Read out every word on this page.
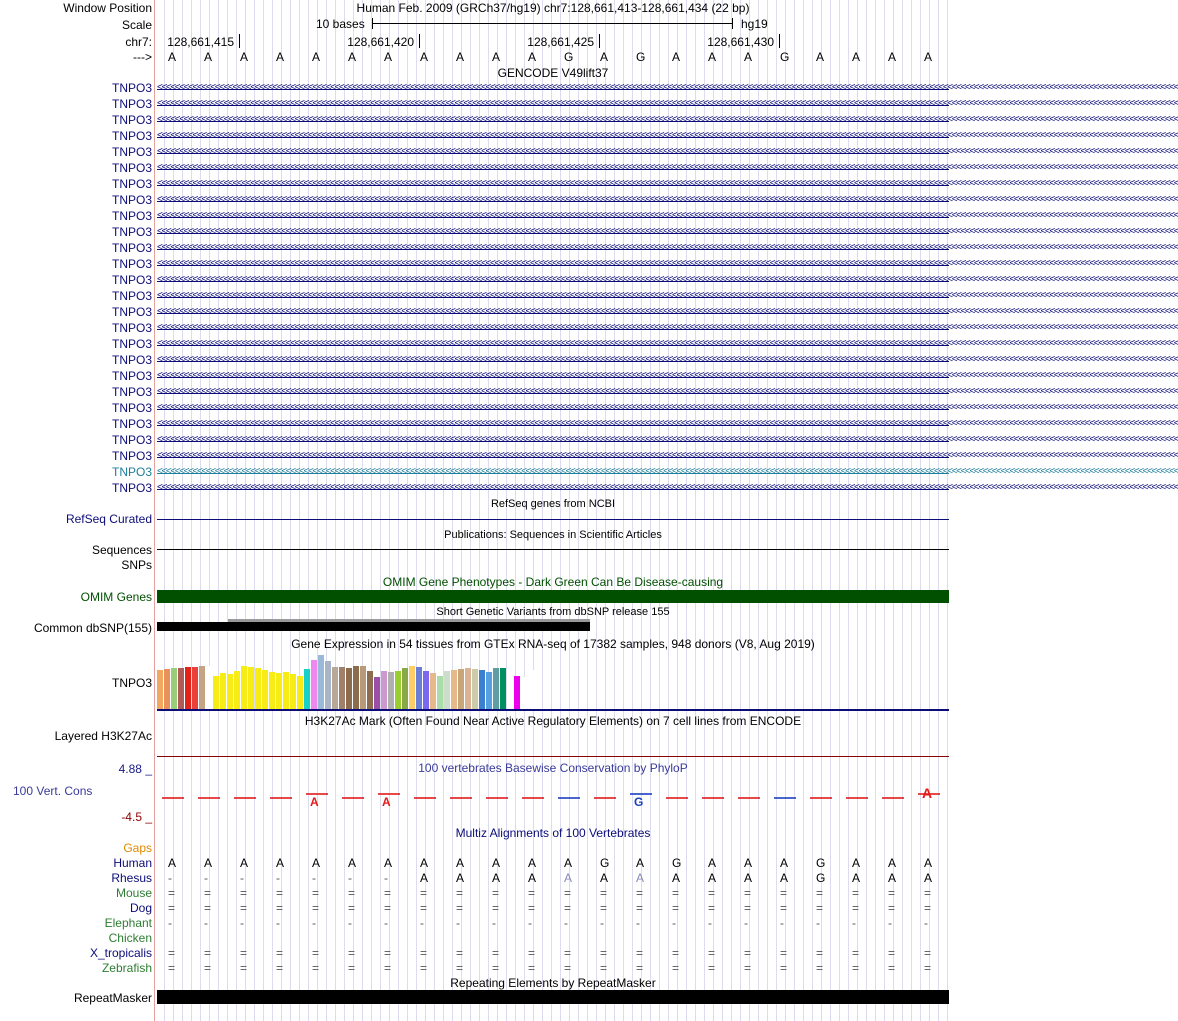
Window Position
Scale
chr7:
--->
Human Feb. 2009 (GRCh37/hg19) chr7:128,661,413-128,661,434 (22 bp)
10 bases	hg19
128,661,415	128,661,420	128,661,425	128,661,430
A A A A A A A A A A A G A G A A A G A A A A
GENCODE V49lift37
TNPO3 <<<<<<<<<<<<<<<<<<<<<<<<<<<<<<<<<<<<<<<<<<<<<<<<<<<<<<<<<<<<<<<<<<<<<<<<<<<<<<<<<<<<<<<<<<<<<<<<<<<<<<<<<<<<<<<<<<<<<<<<<<<<<<<<<<<<<<<<<<<<<<<<<<<<<<<<<<<<<<<<<<<<<<<<<<<<<<<<<<<<<<<<<<<<<<<<<<<<<<<<<<<<<<<<<<<<<<<<<<<<<<<<<<<<<<
TNPO3 <<<<<<<<<<<<<<<<<<<<<<<<<<<<<<<<<<<<<<<<<<<<<<<<<<<<<<<<<<<<<<<<<<<<<<<<<<<<<<<<<<<<<<<<<<<<<<<<<<<<<<<<<<<<<<<<<<<<<<<<<<<<<<<<<<<<<<<<<<<<<<<<<<<<<<<<<<<<<<<<<<<<<<<<<<<<<<<<<<<<<<<<<<<<<<<<<<<<<<<<<<<<<<<<<<<<<<<<<<<<<<<<<<<<<<
TNPO3 <<<<<<<<<<<<<<<<<<<<<<<<<<<<<<<<<<<<<<<<<<<<<<<<<<<<<<<<<<<<<<<<<<<<<<<<<<<<<<<<<<<<<<<<<<<<<<<<<<<<<<<<<<<<<<<<<<<<<<<<<<<<<<<<<<<<<<<<<<<<<<<<<<<<<<<<<<<<<<<<<<<<<<<<<<<<<<<<<<<<<<<<<<<<<<<<<<<<<<<<<<<<<<<<<<<<<<<<<<<<<<<<<<<<<<
TNPO3 <<<<<<<<<<<<<<<<<<<<<<<<<<<<<<<<<<<<<<<<<<<<<<<<<<<<<<<<<<<<<<<<<<<<<<<<<<<<<<<<<<<<<<<<<<<<<<<<<<<<<<<<<<<<<<<<<<<<<<<<<<<<<<<<<<<<<<<<<<<<<<<<<<<<<<<<<<<<<<<<<<<<<<<<<<<<<<<<<<<<<<<<<<<<<<<<<<<<<<<<<<<<<<<<<<<<<<<<<<<<<<<<<<<<<<
TNPO3 <<<<<<<<<<<<<<<<<<<<<<<<<<<<<<<<<<<<<<<<<<<<<<<<<<<<<<<<<<<<<<<<<<<<<<<<<<<<<<<<<<<<<<<<<<<<<<<<<<<<<<<<<<<<<<<<<<<<<<<<<<<<<<<<<<<<<<<<<<<<<<<<<<<<<<<<<<<<<<<<<<<<<<<<<<<<<<<<<<<<<<<<<<<<<<<<<<<<<<<<<<<<<<<<<<<<<<<<<<<<<<<<<<<<<<
TNPO3 <<<<<<<<<<<<<<<<<<<<<<<<<<<<<<<<<<<<<<<<<<<<<<<<<<<<<<<<<<<<<<<<<<<<<<<<<<<<<<<<<<<<<<<<<<<<<<<<<<<<<<<<<<<<<<<<<<<<<<<<<<<<<<<<<<<<<<<<<<<<<<<<<<<<<<<<<<<<<<<<<<<<<<<<<<<<<<<<<<<<<<<<<<<<<<<<<<<<<<<<<<<<<<<<<<<<<<<<<<<<<<<<<<<<<<
TNPO3 <<<<<<<<<<<<<<<<<<<<<<<<<<<<<<<<<<<<<<<<<<<<<<<<<<<<<<<<<<<<<<<<<<<<<<<<<<<<<<<<<<<<<<<<<<<<<<<<<<<<<<<<<<<<<<<<<<<<<<<<<<<<<<<<<<<<<<<<<<<<<<<<<<<<<<<<<<<<<<<<<<<<<<<<<<<<<<<<<<<<<<<<<<<<<<<<<<<<<<<<<<<<<<<<<<<<<<<<<<<<<<<<<<<<<<
TNPO3 <<<<<<<<<<<<<<<<<<<<<<<<<<<<<<<<<<<<<<<<<<<<<<<<<<<<<<<<<<<<<<<<<<<<<<<<<<<<<<<<<<<<<<<<<<<<<<<<<<<<<<<<<<<<<<<<<<<<<<<<<<<<<<<<<<<<<<<<<<<<<<<<<<<<<<<<<<<<<<<<<<<<<<<<<<<<<<<<<<<<<<<<<<<<<<<<<<<<<<<<<<<<<<<<<<<<<<<<<<<<<<<<<<<<<<
TNPO3 <<<<<<<<<<<<<<<<<<<<<<<<<<<<<<<<<<<<<<<<<<<<<<<<<<<<<<<<<<<<<<<<<<<<<<<<<<<<<<<<<<<<<<<<<<<<<<<<<<<<<<<<<<<<<<<<<<<<<<<<<<<<<<<<<<<<<<<<<<<<<<<<<<<<<<<<<<<<<<<<<<<<<<<<<<<<<<<<<<<<<<<<<<<<<<<<<<<<<<<<<<<<<<<<<<<<<<<<<<<<<<<<<<<<<<
TNPO3 <<<<<<<<<<<<<<<<<<<<<<<<<<<<<<<<<<<<<<<<<<<<<<<<<<<<<<<<<<<<<<<<<<<<<<<<<<<<<<<<<<<<<<<<<<<<<<<<<<<<<<<<<<<<<<<<<<<<<<<<<<<<<<<<<<<<<<<<<<<<<<<<<<<<<<<<<<<<<<<<<<<<<<<<<<<<<<<<<<<<<<<<<<<<<<<<<<<<<<<<<<<<<<<<<<<<<<<<<<<<<<<<<<<<<<
TNPO3 <<<<<<<<<<<<<<<<<<<<<<<<<<<<<<<<<<<<<<<<<<<<<<<<<<<<<<<<<<<<<<<<<<<<<<<<<<<<<<<<<<<<<<<<<<<<<<<<<<<<<<<<<<<<<<<<<<<<<<<<<<<<<<<<<<<<<<<<<<<<<<<<<<<<<<<<<<<<<<<<<<<<<<<<<<<<<<<<<<<<<<<<<<<<<<<<<<<<<<<<<<<<<<<<<<<<<<<<<<<<<<<<<<<<<<
TNPO3 <<<<<<<<<<<<<<<<<<<<<<<<<<<<<<<<<<<<<<<<<<<<<<<<<<<<<<<<<<<<<<<<<<<<<<<<<<<<<<<<<<<<<<<<<<<<<<<<<<<<<<<<<<<<<<<<<<<<<<<<<<<<<<<<<<<<<<<<<<<<<<<<<<<<<<<<<<<<<<<<<<<<<<<<<<<<<<<<<<<<<<<<<<<<<<<<<<<<<<<<<<<<<<<<<<<<<<<<<<<<<<<<<<<<<<
TNPO3 <<<<<<<<<<<<<<<<<<<<<<<<<<<<<<<<<<<<<<<<<<<<<<<<<<<<<<<<<<<<<<<<<<<<<<<<<<<<<<<<<<<<<<<<<<<<<<<<<<<<<<<<<<<<<<<<<<<<<<<<<<<<<<<<<<<<<<<<<<<<<<<<<<<<<<<<<<<<<<<<<<<<<<<<<<<<<<<<<<<<<<<<<<<<<<<<<<<<<<<<<<<<<<<<<<<<<<<<<<<<<<<<<<<<<<
TNPO3 <<<<<<<<<<<<<<<<<<<<<<<<<<<<<<<<<<<<<<<<<<<<<<<<<<<<<<<<<<<<<<<<<<<<<<<<<<<<<<<<<<<<<<<<<<<<<<<<<<<<<<<<<<<<<<<<<<<<<<<<<<<<<<<<<<<<<<<<<<<<<<<<<<<<<<<<<<<<<<<<<<<<<<<<<<<<<<<<<<<<<<<<<<<<<<<<<<<<<<<<<<<<<<<<<<<<<<<<<<<<<<<<<<<<<<
TNPO3 <<<<<<<<<<<<<<<<<<<<<<<<<<<<<<<<<<<<<<<<<<<<<<<<<<<<<<<<<<<<<<<<<<<<<<<<<<<<<<<<<<<<<<<<<<<<<<<<<<<<<<<<<<<<<<<<<<<<<<<<<<<<<<<<<<<<<<<<<<<<<<<<<<<<<<<<<<<<<<<<<<<<<<<<<<<<<<<<<<<<<<<<<<<<<<<<<<<<<<<<<<<<<<<<<<<<<<<<<<<<<<<<<<<<<<
TNPO3 <<<<<<<<<<<<<<<<<<<<<<<<<<<<<<<<<<<<<<<<<<<<<<<<<<<<<<<<<<<<<<<<<<<<<<<<<<<<<<<<<<<<<<<<<<<<<<<<<<<<<<<<<<<<<<<<<<<<<<<<<<<<<<<<<<<<<<<<<<<<<<<<<<<<<<<<<<<<<<<<<<<<<<<<<<<<<<<<<<<<<<<<<<<<<<<<<<<<<<<<<<<<<<<<<<<<<<<<<<<<<<<<<<<<<<
TNPO3 <<<<<<<<<<<<<<<<<<<<<<<<<<<<<<<<<<<<<<<<<<<<<<<<<<<<<<<<<<<<<<<<<<<<<<<<<<<<<<<<<<<<<<<<<<<<<<<<<<<<<<<<<<<<<<<<<<<<<<<<<<<<<<<<<<<<<<<<<<<<<<<<<<<<<<<<<<<<<<<<<<<<<<<<<<<<<<<<<<<<<<<<<<<<<<<<<<<<<<<<<<<<<<<<<<<<<<<<<<<<<<<<<<<<<<
TNPO3 <<<<<<<<<<<<<<<<<<<<<<<<<<<<<<<<<<<<<<<<<<<<<<<<<<<<<<<<<<<<<<<<<<<<<<<<<<<<<<<<<<<<<<<<<<<<<<<<<<<<<<<<<<<<<<<<<<<<<<<<<<<<<<<<<<<<<<<<<<<<<<<<<<<<<<<<<<<<<<<<<<<<<<<<<<<<<<<<<<<<<<<<<<<<<<<<<<<<<<<<<<<<<<<<<<<<<<<<<<<<<<<<<<<<<<
TNPO3 <<<<<<<<<<<<<<<<<<<<<<<<<<<<<<<<<<<<<<<<<<<<<<<<<<<<<<<<<<<<<<<<<<<<<<<<<<<<<<<<<<<<<<<<<<<<<<<<<<<<<<<<<<<<<<<<<<<<<<<<<<<<<<<<<<<<<<<<<<<<<<<<<<<<<<<<<<<<<<<<<<<<<<<<<<<<<<<<<<<<<<<<<<<<<<<<<<<<<<<<<<<<<<<<<<<<<<<<<<<<<<<<<<<<<<
TNPO3 <<<<<<<<<<<<<<<<<<<<<<<<<<<<<<<<<<<<<<<<<<<<<<<<<<<<<<<<<<<<<<<<<<<<<<<<<<<<<<<<<<<<<<<<<<<<<<<<<<<<<<<<<<<<<<<<<<<<<<<<<<<<<<<<<<<<<<<<<<<<<<<<<<<<<<<<<<<<<<<<<<<<<<<<<<<<<<<<<<<<<<<<<<<<<<<<<<<<<<<<<<<<<<<<<<<<<<<<<<<<<<<<<<<<<<
TNPO3 <<<<<<<<<<<<<<<<<<<<<<<<<<<<<<<<<<<<<<<<<<<<<<<<<<<<<<<<<<<<<<<<<<<<<<<<<<<<<<<<<<<<<<<<<<<<<<<<<<<<<<<<<<<<<<<<<<<<<<<<<<<<<<<<<<<<<<<<<<<<<<<<<<<<<<<<<<<<<<<<<<<<<<<<<<<<<<<<<<<<<<<<<<<<<<<<<<<<<<<<<<<<<<<<<<<<<<<<<<<<<<<<<<<<<<
TNPO3 <<<<<<<<<<<<<<<<<<<<<<<<<<<<<<<<<<<<<<<<<<<<<<<<<<<<<<<<<<<<<<<<<<<<<<<<<<<<<<<<<<<<<<<<<<<<<<<<<<<<<<<<<<<<<<<<<<<<<<<<<<<<<<<<<<<<<<<<<<<<<<<<<<<<<<<<<<<<<<<<<<<<<<<<<<<<<<<<<<<<<<<<<<<<<<<<<<<<<<<<<<<<<<<<<<<<<<<<<<<<<<<<<<<<<<
TNPO3 <<<<<<<<<<<<<<<<<<<<<<<<<<<<<<<<<<<<<<<<<<<<<<<<<<<<<<<<<<<<<<<<<<<<<<<<<<<<<<<<<<<<<<<<<<<<<<<<<<<<<<<<<<<<<<<<<<<<<<<<<<<<<<<<<<<<<<<<<<<<<<<<<<<<<<<<<<<<<<<<<<<<<<<<<<<<<<<<<<<<<<<<<<<<<<<<<<<<<<<<<<<<<<<<<<<<<<<<<<<<<<<<<<<<<<
TNPO3 <<<<<<<<<<<<<<<<<<<<<<<<<<<<<<<<<<<<<<<<<<<<<<<<<<<<<<<<<<<<<<<<<<<<<<<<<<<<<<<<<<<<<<<<<<<<<<<<<<<<<<<<<<<<<<<<<<<<<<<<<<<<<<<<<<<<<<<<<<<<<<<<<<<<<<<<<<<<<<<<<<<<<<<<<<<<<<<<<<<<<<<<<<<<<<<<<<<<<<<<<<<<<<<<<<<<<<<<<<<<<<<<<<<<<<
TNPO3 <<<<<<<<<<<<<<<<<<<<<<<<<<<<<<<<<<<<<<<<<<<<<<<<<<<<<<<<<<<<<<<<<<<<<<<<<<<<<<<<<<<<<<<<<<<<<<<<<<<<<<<<<<<<<<<<<<<<<<<<<<<<<<<<<<<<<<<<<<<<<<<<<<<<<<<<<<<<<<<<<<<<<<<<<<<<<<<<<<<<<<<<<<<<<<<<<<<<<<<<<<<<<<<<<<<<<<<<<<<<<<<<<<<<<<
TNPO3 <<<<<<<<<<<<<<<<<<<<<<<<<<<<<<<<<<<<<<<<<<<<<<<<<<<<<<<<<<<<<<<<<<<<<<<<<<<<<<<<<<<<<<<<<<<<<<<<<<<<<<<<<<<<<<<<<<<<<<<<<<<<<<<<<<<<<<<<<<<<<<<<<<<<<<<<<<<<<<<<<<<<<<<<<<<<<<<<<<<<<<<<<<<<<<<<<<<<<<<<<<<<<<<<<<<<<<<<<<<<<<<<<<<<<<
RefSeq genes from NCBI
RefSeq Curated
Publications: Sequences in Scientific Articles
Sequences
SNPs
OMIM Gene Phenotypes - Dark Green Can Be Disease-causing
OMIM Genes
Short Genetic Variants from dbSNP release 155
Common dbSNP(155)
Gene Expression in 54 tissues from GTEx RNA-seq of 17382 samples, 948 donors (V8, Aug 2019)
TNPO3
H3K27Ac Mark (Often Found Near Active Regulatory Elements) on 7 cell lines from ENCODE
Layered H3K27Ac
100 vertebrates Basewise Conservation by PhyloP
4.88 _
100 Vert. Cons
-4.5 _
A	A	G
A
Multiz Alignments of 100 Vertebrates
Gaps
Human A A A A A A A A A A A A G A G A A A G A A A
Rhesus -	-	-	-	-	-	-	A A A A A A A A A A A G A A A
Mouse = = = = = = = = = = = = = = = = = = = = = =
Dog = = = = = = = = = = = = = = = = = = = = = =
Elephant -	-	-	-	-	-	-	-	-	-	-	-	-	-	-	-	-	-	-	-	-	-
Chicken
X_tropicalis = = = = = = = = = = = = = = = = = = = = = =
Zebrafish = = = = = = = = = = = = = = = = = = = = = =
Repeating Elements by RepeatMasker
RepeatMasker
